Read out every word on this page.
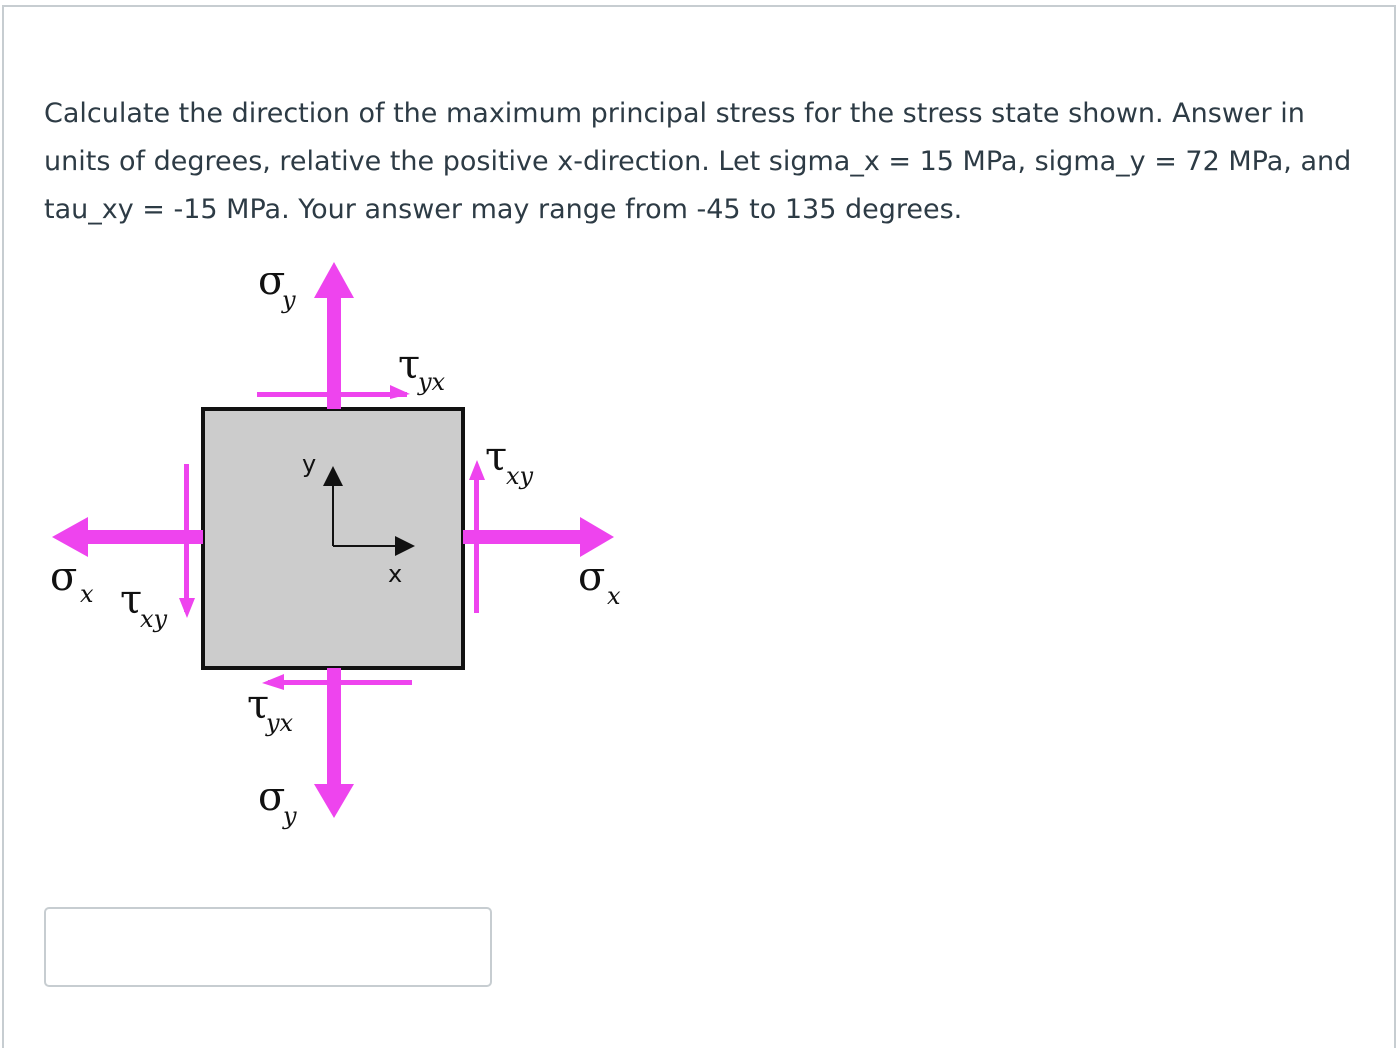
Calculate the direction of the maximum principal stress for the stress state shown. Answer in units of degrees, relative the positive x-direction. Let sigma_x = 15 MPa, sigma_y = 72 MPa, and tau_xy = -15 MPa. Your answer may range from -45 to 135 degrees.

y
x
σ
y
τ
yx
τ
xy
σ x τ
xy
σ x
τ
yx
σ
y
